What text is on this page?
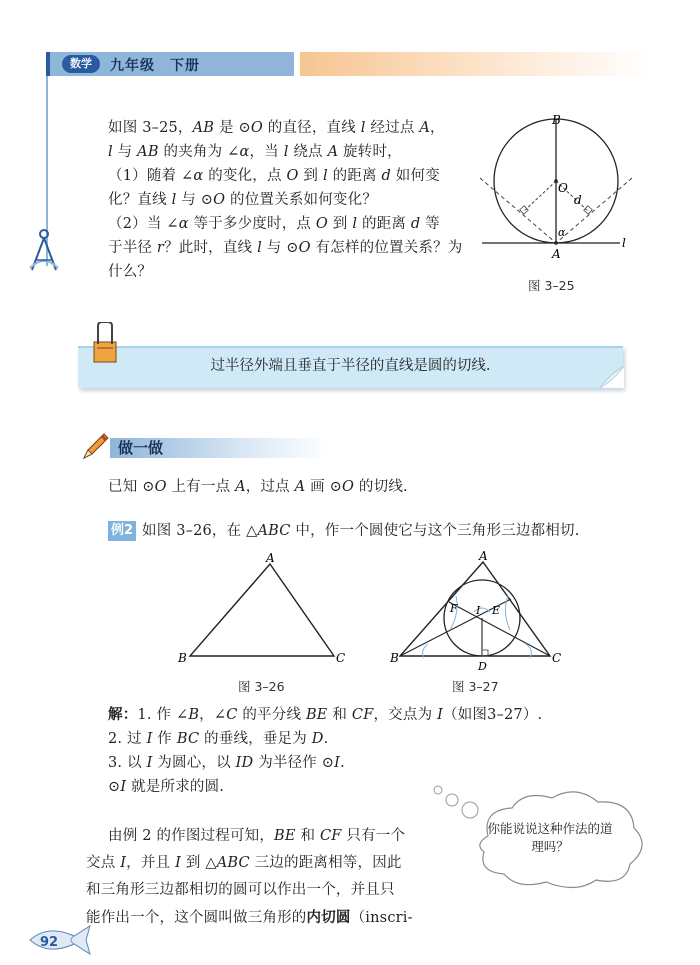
数学	九年级　下册
如图 3–25，AB 是 ⊙O 的直径，直线 l 经过点 A，
l 与 AB 的夹角为 ∠α，当 l 绕点 A 旋转时，
（1）随着 ∠α 的变化，点 O 到 l 的距离 d 如何变
化？直线 l 与 ⊙O 的位置关系如何变化？
（2）当 ∠α 等于多少度时，点 O 到 l 的距离 d 等
于半径 r？此时，直线 l 与 ⊙O 有怎样的位置关系？为
什么？
B
O
d
α
A
l
图 3–25
过半径外端且垂直于半径的直线是圆的切线.
做一做
已知 ⊙O 上有一点 A，过点 A 画 ⊙O 的切线.
例2 如图 3–26，在 △ABC 中，作一个圆使它与这个三角形三边都相切.
A
B	C
图 3–26
A
B	C
D
E
F I
图 3–27
解：1. 作 ∠B，∠C 的平分线 BE 和 CF，交点为 I（如图3–27）.
2. 过 I 作 BC 的垂线，垂足为 D.
3. 以 I 为圆心，以 ID 为半径作 ⊙I.
⊙I 就是所求的圆.
由例 2 的作图过程可知，BE 和 CF 只有一个
交点 I，并且 I 到 △ABC 三边的距离相等，因此
和三角形三边都相切的圆可以作出一个，并且只
能作出一个，这个圆叫做三角形的内切圆（inscri-
你能说说这种作法的道理吗？
92
